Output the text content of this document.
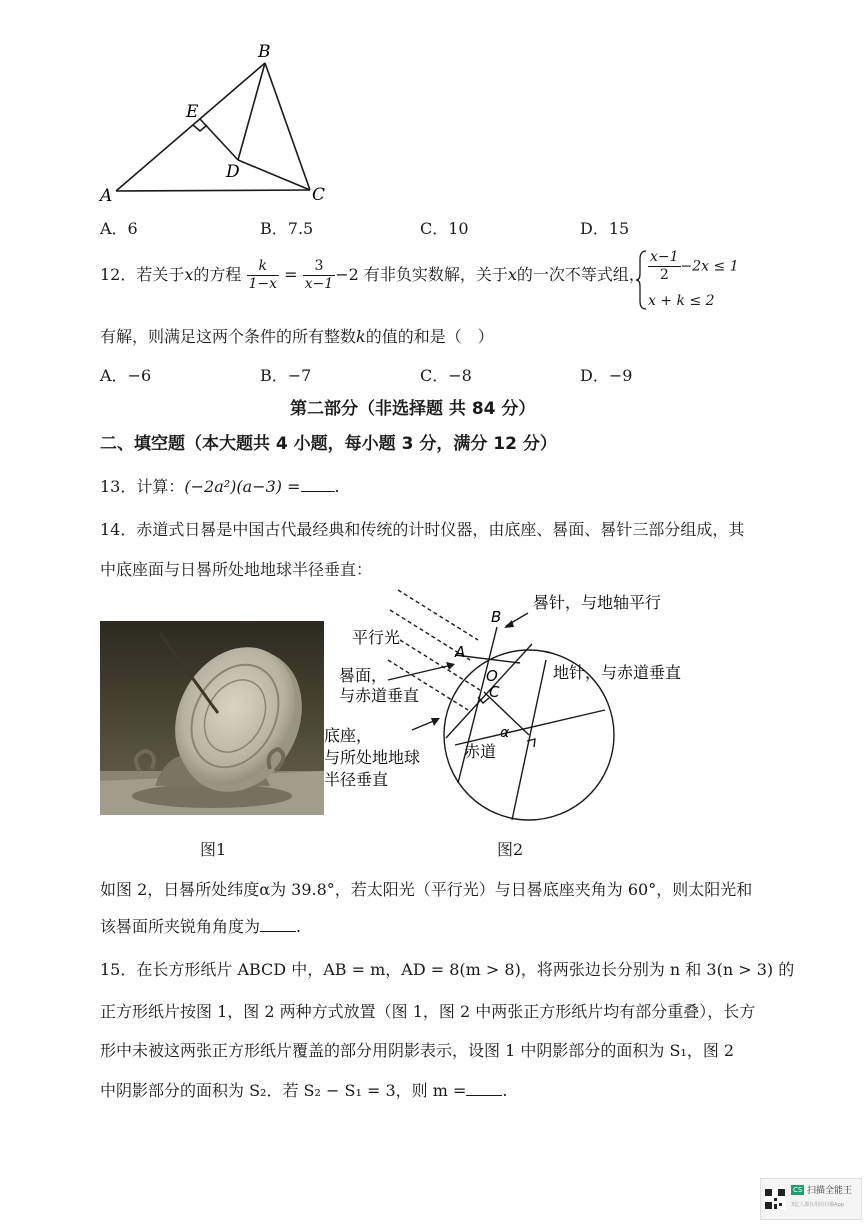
B
E
D
A	C
A．6	B．7.5	C．10	D．15
12．若关于x的方程 $\frac{k}{1-x} = \frac{3}{x-1} -2$ 有非负实数解，关于x的一次不等式组， $\frac{x-1}{2} -2x \le 1$
x + k ≤ 2
有解，则满足这两个条件的所有整数k的值的和是（　）
A．−6	B．−7	C．−8	D．−9
第二部分（非选择题 共 84 分）
二、填空题（本大题共 4 小题，每小题 3 分，满分 12 分）
13．计算：(−2a²)(a−3) = .
14．赤道式日晷是中国古代最经典和传统的计时仪器，由底座、晷面、晷针三部分组成，其
中底座面与日晷所处地地球半径垂直：
晷针，与地轴平行
B
平行光
A
O
C
晷面，
与赤道垂直
地针，与赤道垂直
底座，
与所处地地球
半径垂直
赤道
α
图1	图2
如图 2，日晷所处纬度α为 39.8°，若太阳光（平行光）与日晷底座夹角为 60°，则太阳光和
该晷面所夹锐角角度为 .
15．在长方形纸片 ABCD 中，AB = m，AD = 8(m > 8)，将两张边长分别为 n 和 3(n > 3) 的
正方形纸片按图 1，图 2 两种方式放置（图 1，图 2 中两张正方形纸片均有部分重叠），长方
形中未被这两张正方形纸片覆盖的部分用阴影表示，设图 1 中阴影部分的面积为 S₁，图 2
中阴影部分的面积为 S₂．若 S₂ − S₁ = 3，则 m = .
CS 扫描全能王
3亿人都在用的扫描App
